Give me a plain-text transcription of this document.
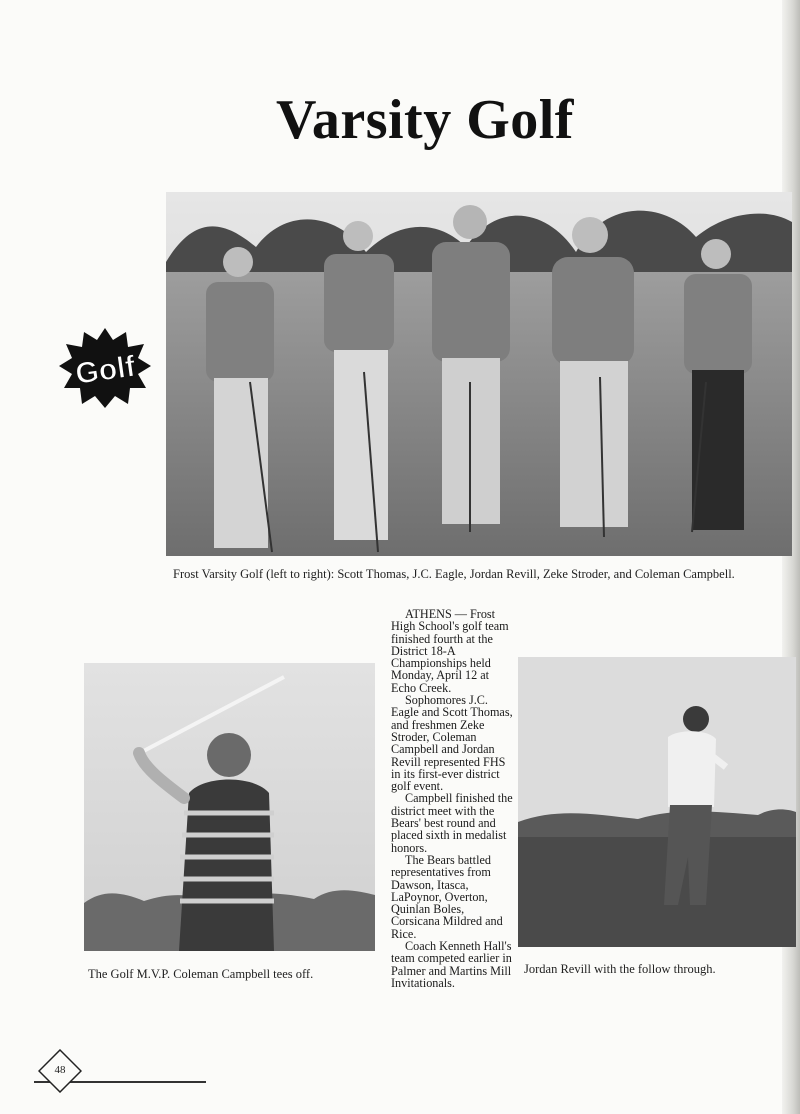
Varsity Golf
Golf
Frost Varsity Golf (left to right): Scott Thomas, J.C. Eagle, Jordan Revill, Zeke Stroder, and Coleman Campbell.

ATHENS — Frost High School's golf team finished fourth at the District 18-A Championships held Monday, April 12 at Echo Creek.

Sophomores J.C. Eagle and Scott Thomas, and freshmen Zeke Stroder, Coleman Campbell and Jordan Revill represented FHS in its first-ever district golf event.

Campbell finished the district meet with the Bears' best round and placed sixth in medalist honors.

The Bears battled representatives from Dawson, Itasca, LaPoynor, Overton, Quinlan Boles, Corsicana Mildred and Rice.

Coach Kenneth Hall's team competed earlier in Palmer and Martins Mill Invitationals.

The Golf M.V.P. Coleman Campbell tees off.	Jordan Revill with the follow through.
48
